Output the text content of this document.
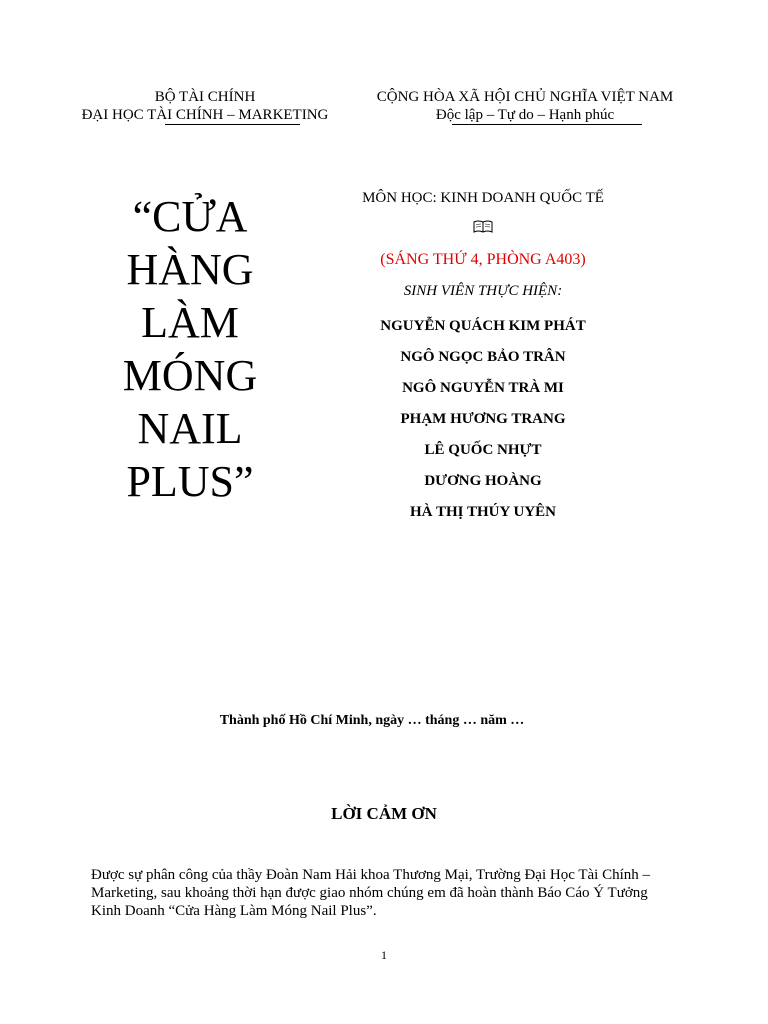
BỘ TÀI CHÍNH
ĐẠI HỌC TÀI CHÍNH – MARKETING
CỘNG HÒA XÃ HỘI CHỦ NGHĨA VIỆT NAM
Độc lập – Tự do – Hạnh phúc
“CỬA
HÀNG
LÀM
MÓNG
NAIL
PLUS”
MÔN HỌC: KINH DOANH QUỐC TẾ
(SÁNG THỨ 4, PHÒNG A403)
SINH VIÊN THỰC HIỆN:
NGUYỄN QUÁCH KIM PHÁT
NGÔ NGỌC BẢO TRÂN
NGÔ NGUYỄN TRÀ MI
PHẠM HƯƠNG TRANG
LÊ QUỐC NHỰT
DƯƠNG HOÀNG
HÀ THỊ THÚY UYÊN
Thành phố Hồ Chí Minh, ngày … tháng … năm …
LỜI CẢM ƠN
Được sự phân công của thầy Đoàn Nam Hải khoa Thương Mại, Trường Đại Học Tài Chính – Marketing, sau khoảng thời hạn được giao nhóm chúng em đã hoàn thành Báo Cáo Ý Tưởng Kinh Doanh “Cửa Hàng Làm Móng Nail Plus”.
1
